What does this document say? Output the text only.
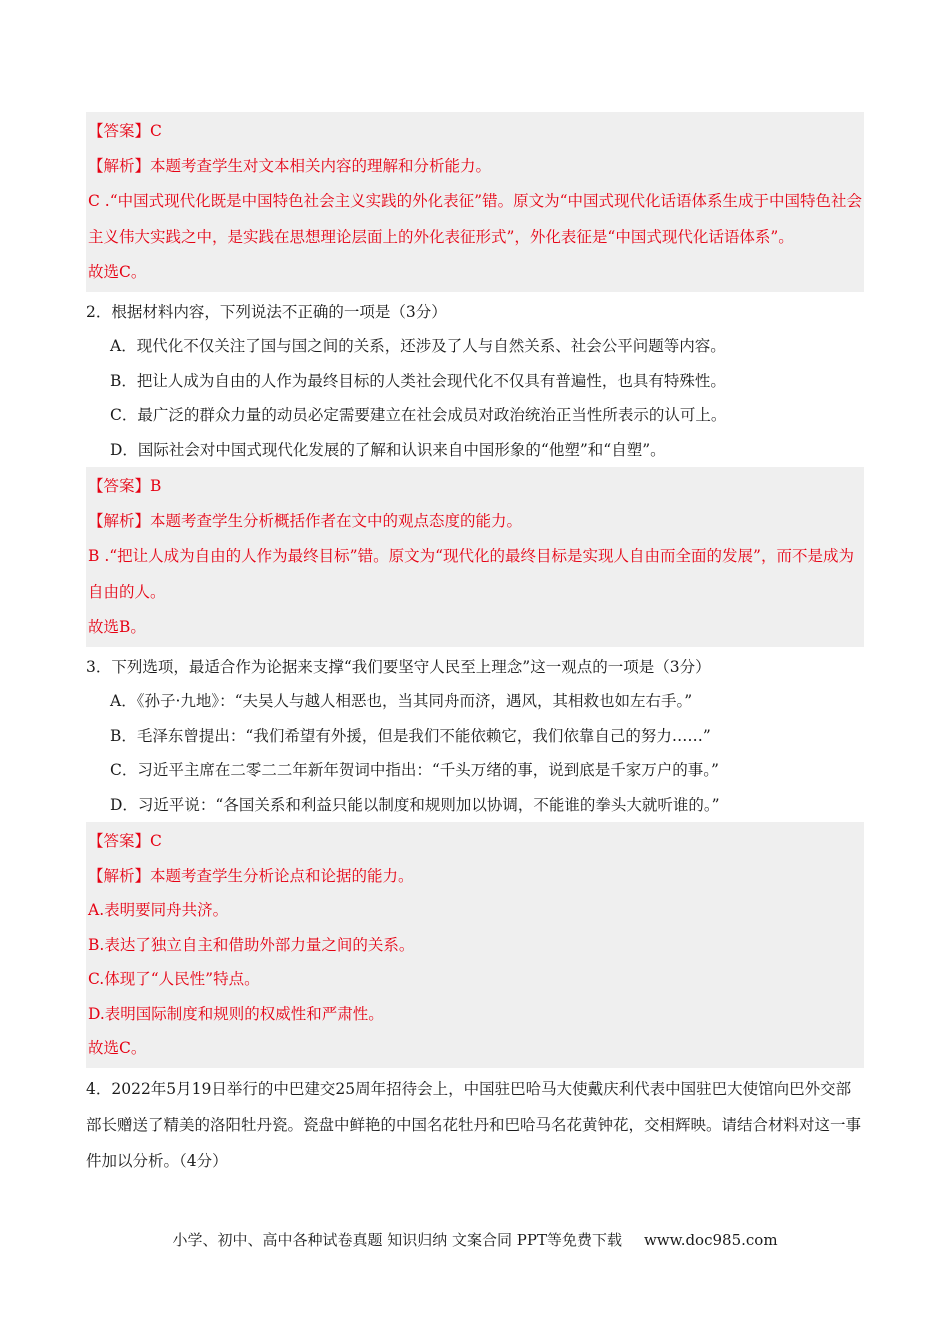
【答案】C
【解析】本题考查学生对文本相关内容的理解和分析能力。
C .“中国式现代化既是中国特色社会主义实践的外化表征”错。原文为“中国式现代化话语体系生成于中国特色社会主义伟大实践之中，是实践在思想理论层面上的外化表征形式”，外化表征是“中国式现代化话语体系”。
故选C。
2．根据材料内容，下列说法不正确的一项是（3分）
A．现代化不仅关注了国与国之间的关系，还涉及了人与自然关系、社会公平问题等内容。
B．把让人成为自由的人作为最终目标的人类社会现代化不仅具有普遍性，也具有特殊性。
C．最广泛的群众力量的动员必定需要建立在社会成员对政治统治正当性所表示的认可上。
D．国际社会对中国式现代化发展的了解和认识来自中国形象的“他塑”和“自塑”。
【答案】B
【解析】本题考查学生分析概括作者在文中的观点态度的能力。
B .“把让人成为自由的人作为最终目标”错。原文为“现代化的最终目标是实现人自由而全面的发展”，而不是成为自由的人。
故选B。
3．下列选项，最适合作为论据来支撑“我们要坚守人民至上理念”这一观点的一项是（3分）
A．《孙子·九地》：“夫吴人与越人相恶也，当其同舟而济，遇风，其相救也如左右手。”
B．毛泽东曾提出：“我们希望有外援，但是我们不能依赖它，我们依靠自己的努力……”
C．习近平主席在二零二二年新年贺词中指出：“千头万绪的事，说到底是千家万户的事。”
D．习近平说：“各国关系和利益只能以制度和规则加以协调，不能谁的拳头大就听谁的。”
【答案】C
【解析】本题考查学生分析论点和论据的能力。
A.表明要同舟共济。
B.表达了独立自主和借助外部力量之间的关系。
C.体现了“人民性”特点。
D.表明国际制度和规则的权威性和严肃性。
故选C。
4．2022年5月19日举行的中巴建交25周年招待会上，中国驻巴哈马大使戴庆利代表中国驻巴大使馆向巴外交部部长赠送了精美的洛阳牡丹瓷。瓷盘中鲜艳的中国名花牡丹和巴哈马名花黄钟花，交相辉映。请结合材料对这一事件加以分析。（4分）
小学、初中、高中各种试卷真题 知识归纳 文案合同 PPT等免费下载 www.doc985.com
